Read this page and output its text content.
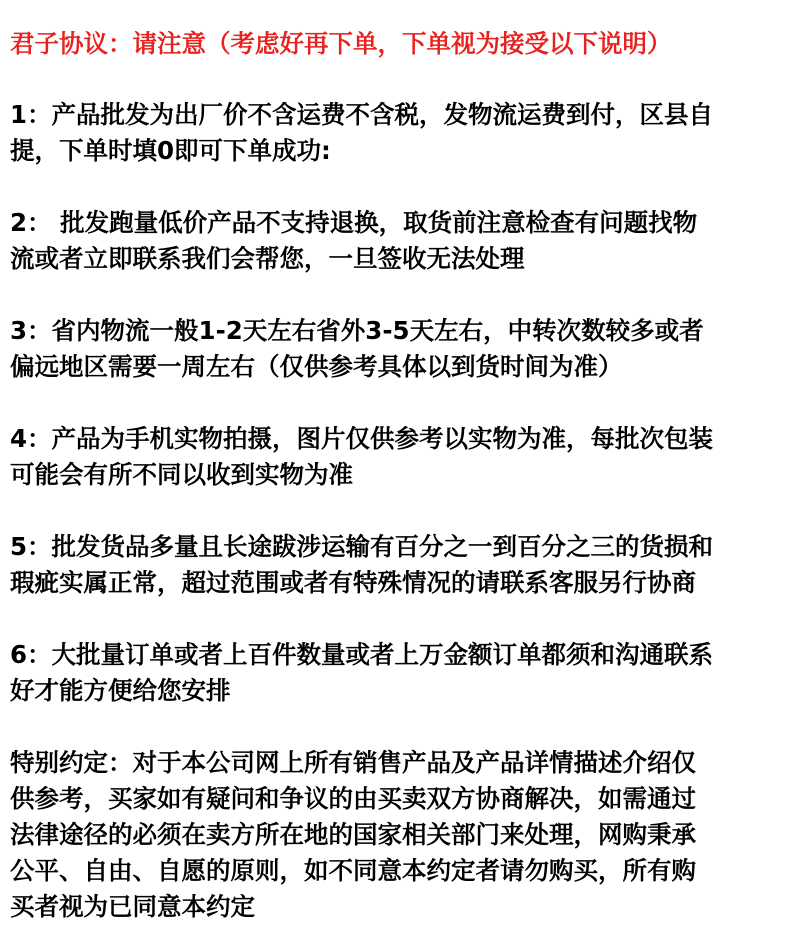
君子协议：请注意（考虑好再下单，下单视为接受以下说明）
1：产品批发为出厂价不含运费不含税，发物流运费到付，区县自
提，下单时填0即可下单成功:
2： 批发跑量低价产品不支持退换，取货前注意检查有问题找物
流或者立即联系我们会帮您，一旦签收无法处理
3：省内物流一般1-2天左右省外3-5天左右，中转次数较多或者
偏远地区需要一周左右（仅供参考具体以到货时间为准）
4：产品为手机实物拍摄，图片仅供参考以实物为准，每批次包装
可能会有所不同以收到实物为准
5：批发货品多量且长途跋涉运输有百分之一到百分之三的货损和
瑕疵实属正常，超过范围或者有特殊情况的请联系客服另行协商
6：大批量订单或者上百件数量或者上万金额订单都须和沟通联系
好才能方便给您安排
特别约定：对于本公司网上所有销售产品及产品详情描述介绍仅
供参考，买家如有疑问和争议的由买卖双方协商解决，如需通过
法律途径的必须在卖方所在地的国家相关部门来处理，网购秉承
公平、自由、自愿的原则，如不同意本约定者请勿购买，所有购
买者视为已同意本约定
